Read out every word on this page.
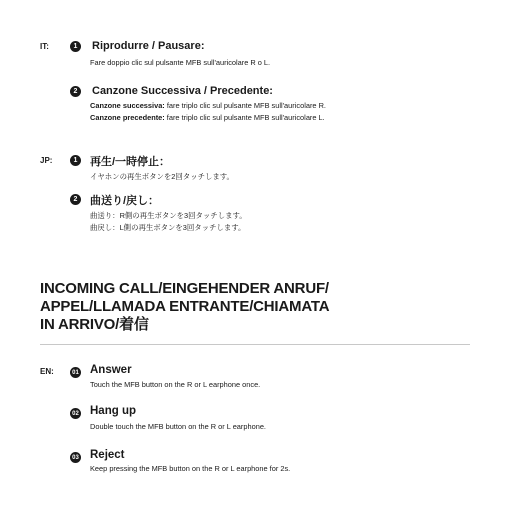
IT:	1	Riprodurre / Pausare:
Fare doppio clic sul pulsante MFB sull'auricolare R o L.
2	Canzone Successiva / Precedente:
Canzone successiva: fare triplo clic sul pulsante MFB sull'auricolare R.
Canzone precedente: fare triplo clic sul pulsante MFB sull'auricolare L.
JP:	1	再生/一時停止：
イヤホンの再生ボタンを2回タッチします。
2	曲送り/戻し：
曲送り：R側の再生ボタンを3回タッチします。
曲戻し：L側の再生ボタンを3回タッチします。
INCOMING CALL/EINGEHENDER ANRUF/
APPEL/LLAMADA ENTRANTE/CHIAMATA
IN ARRIVO/着信
EN:	01 Answer
Touch the MFB button on the R or L earphone once.
02 Hang up
Double touch the MFB button on the R or L earphone.
03 Reject
Keep pressing the MFB button on the R or L earphone for 2s.
